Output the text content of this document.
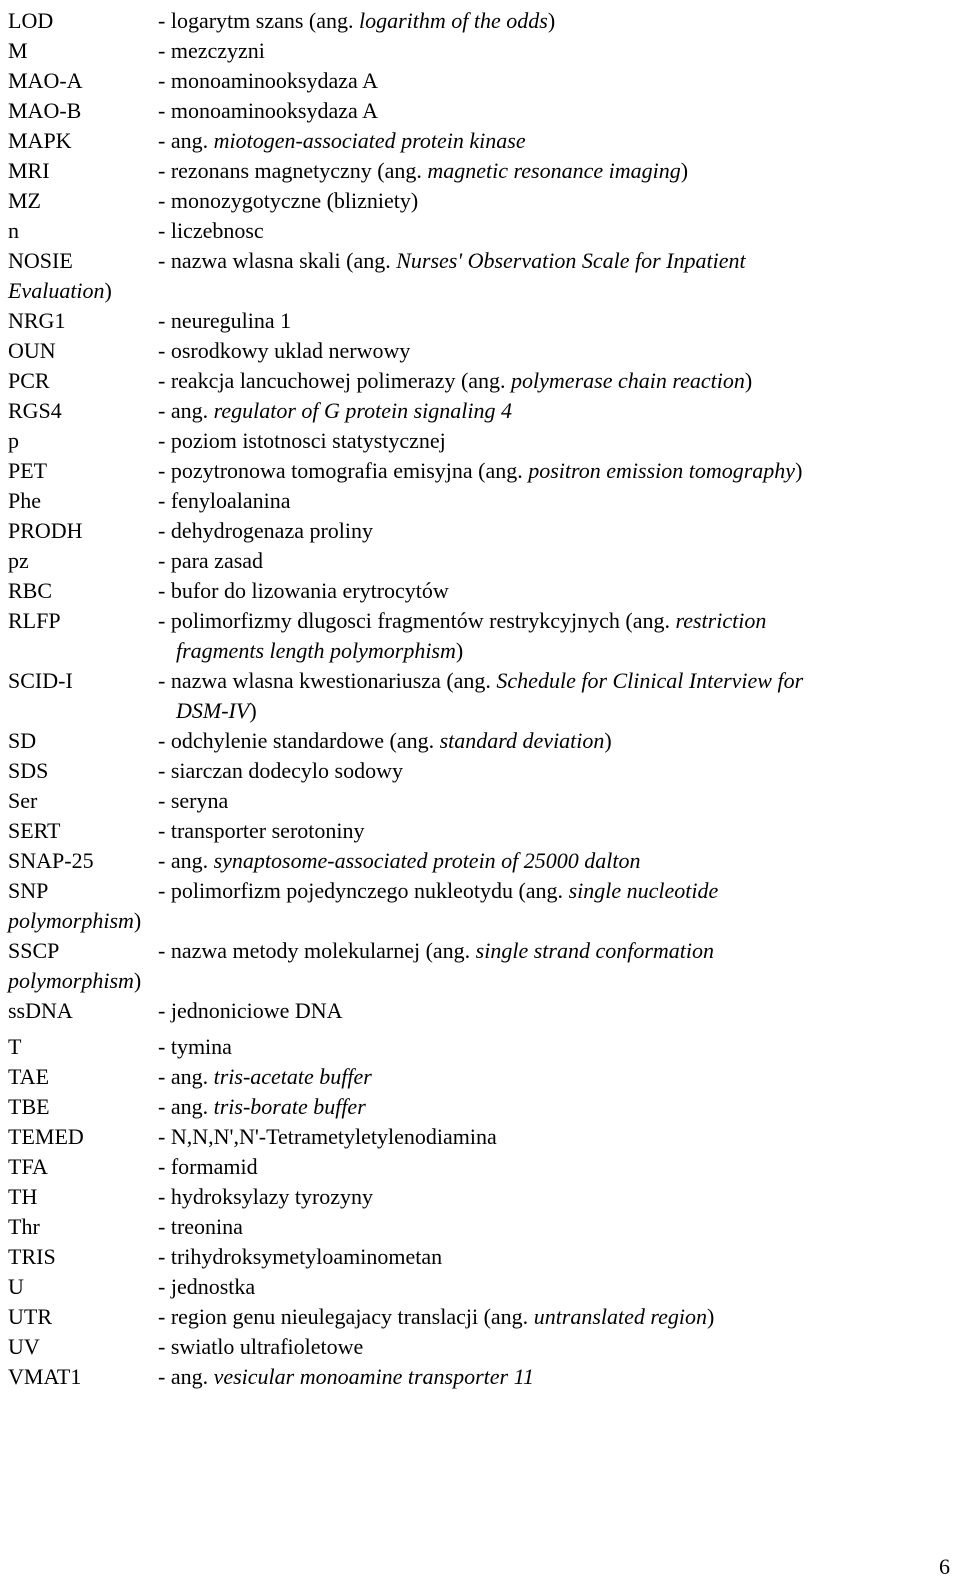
LOD	- logarytm szans (ang. logarithm of the odds)
M	- mezczyzni
MAO-A	- monoaminooksydaza A
MAO-B	- monoaminooksydaza A
MAPK	- ang. miotogen-associated protein kinase
MRI	- rezonans magnetyczny (ang. magnetic resonance imaging)
MZ	- monozygotyczne (blizniety)
n	- liczebnosc
NOSIE	- nazwa wlasna skali (ang. Nurses' Observation Scale for Inpatient
Evaluation)
NRG1	- neuregulina 1
OUN	- osrodkowy uklad nerwowy
PCR	- reakcja lancuchowej polimerazy (ang. polymerase chain reaction)
RGS4	- ang. regulator of G protein signaling 4
p	- poziom istotnosci statystycznej
PET	- pozytronowa tomografia emisyjna (ang. positron emission tomography)
Phe	- fenyloalanina
PRODH	- dehydrogenaza proliny
pz	- para zasad
RBC	- bufor do lizowania erytrocytów
RLFP	- polimorfizmy dlugosci fragmentów restrykcyjnych (ang. restriction
fragments length polymorphism)
SCID-I	- nazwa wlasna kwestionariusza (ang. Schedule for Clinical Interview for
DSM-IV)
SD	- odchylenie standardowe (ang. standard deviation)
SDS	- siarczan dodecylo sodowy
Ser	- seryna
SERT	- transporter serotoniny
SNAP-25	- ang. synaptosome-associated protein of 25000 dalton
SNP	- polimorfizm pojedynczego nukleotydu (ang. single nucleotide
polymorphism)
SSCP	- nazwa metody molekularnej (ang. single strand conformation
polymorphism)
ssDNA	- jednoniciowe DNA
T	- tymina
TAE	- ang. tris-acetate buffer
TBE	- ang. tris-borate buffer
TEMED	- N,N,N',N'-Tetrametyletylenodiamina
TFA	- formamid
TH	- hydroksylazy tyrozyny
Thr	- treonina
TRIS	- trihydroksymetyloaminometan
U	- jednostka
UTR	- region genu nieulegajacy translacji (ang. untranslated region)
UV	- swiatlo ultrafioletowe
VMAT1	- ang. vesicular monoamine transporter 11
6
